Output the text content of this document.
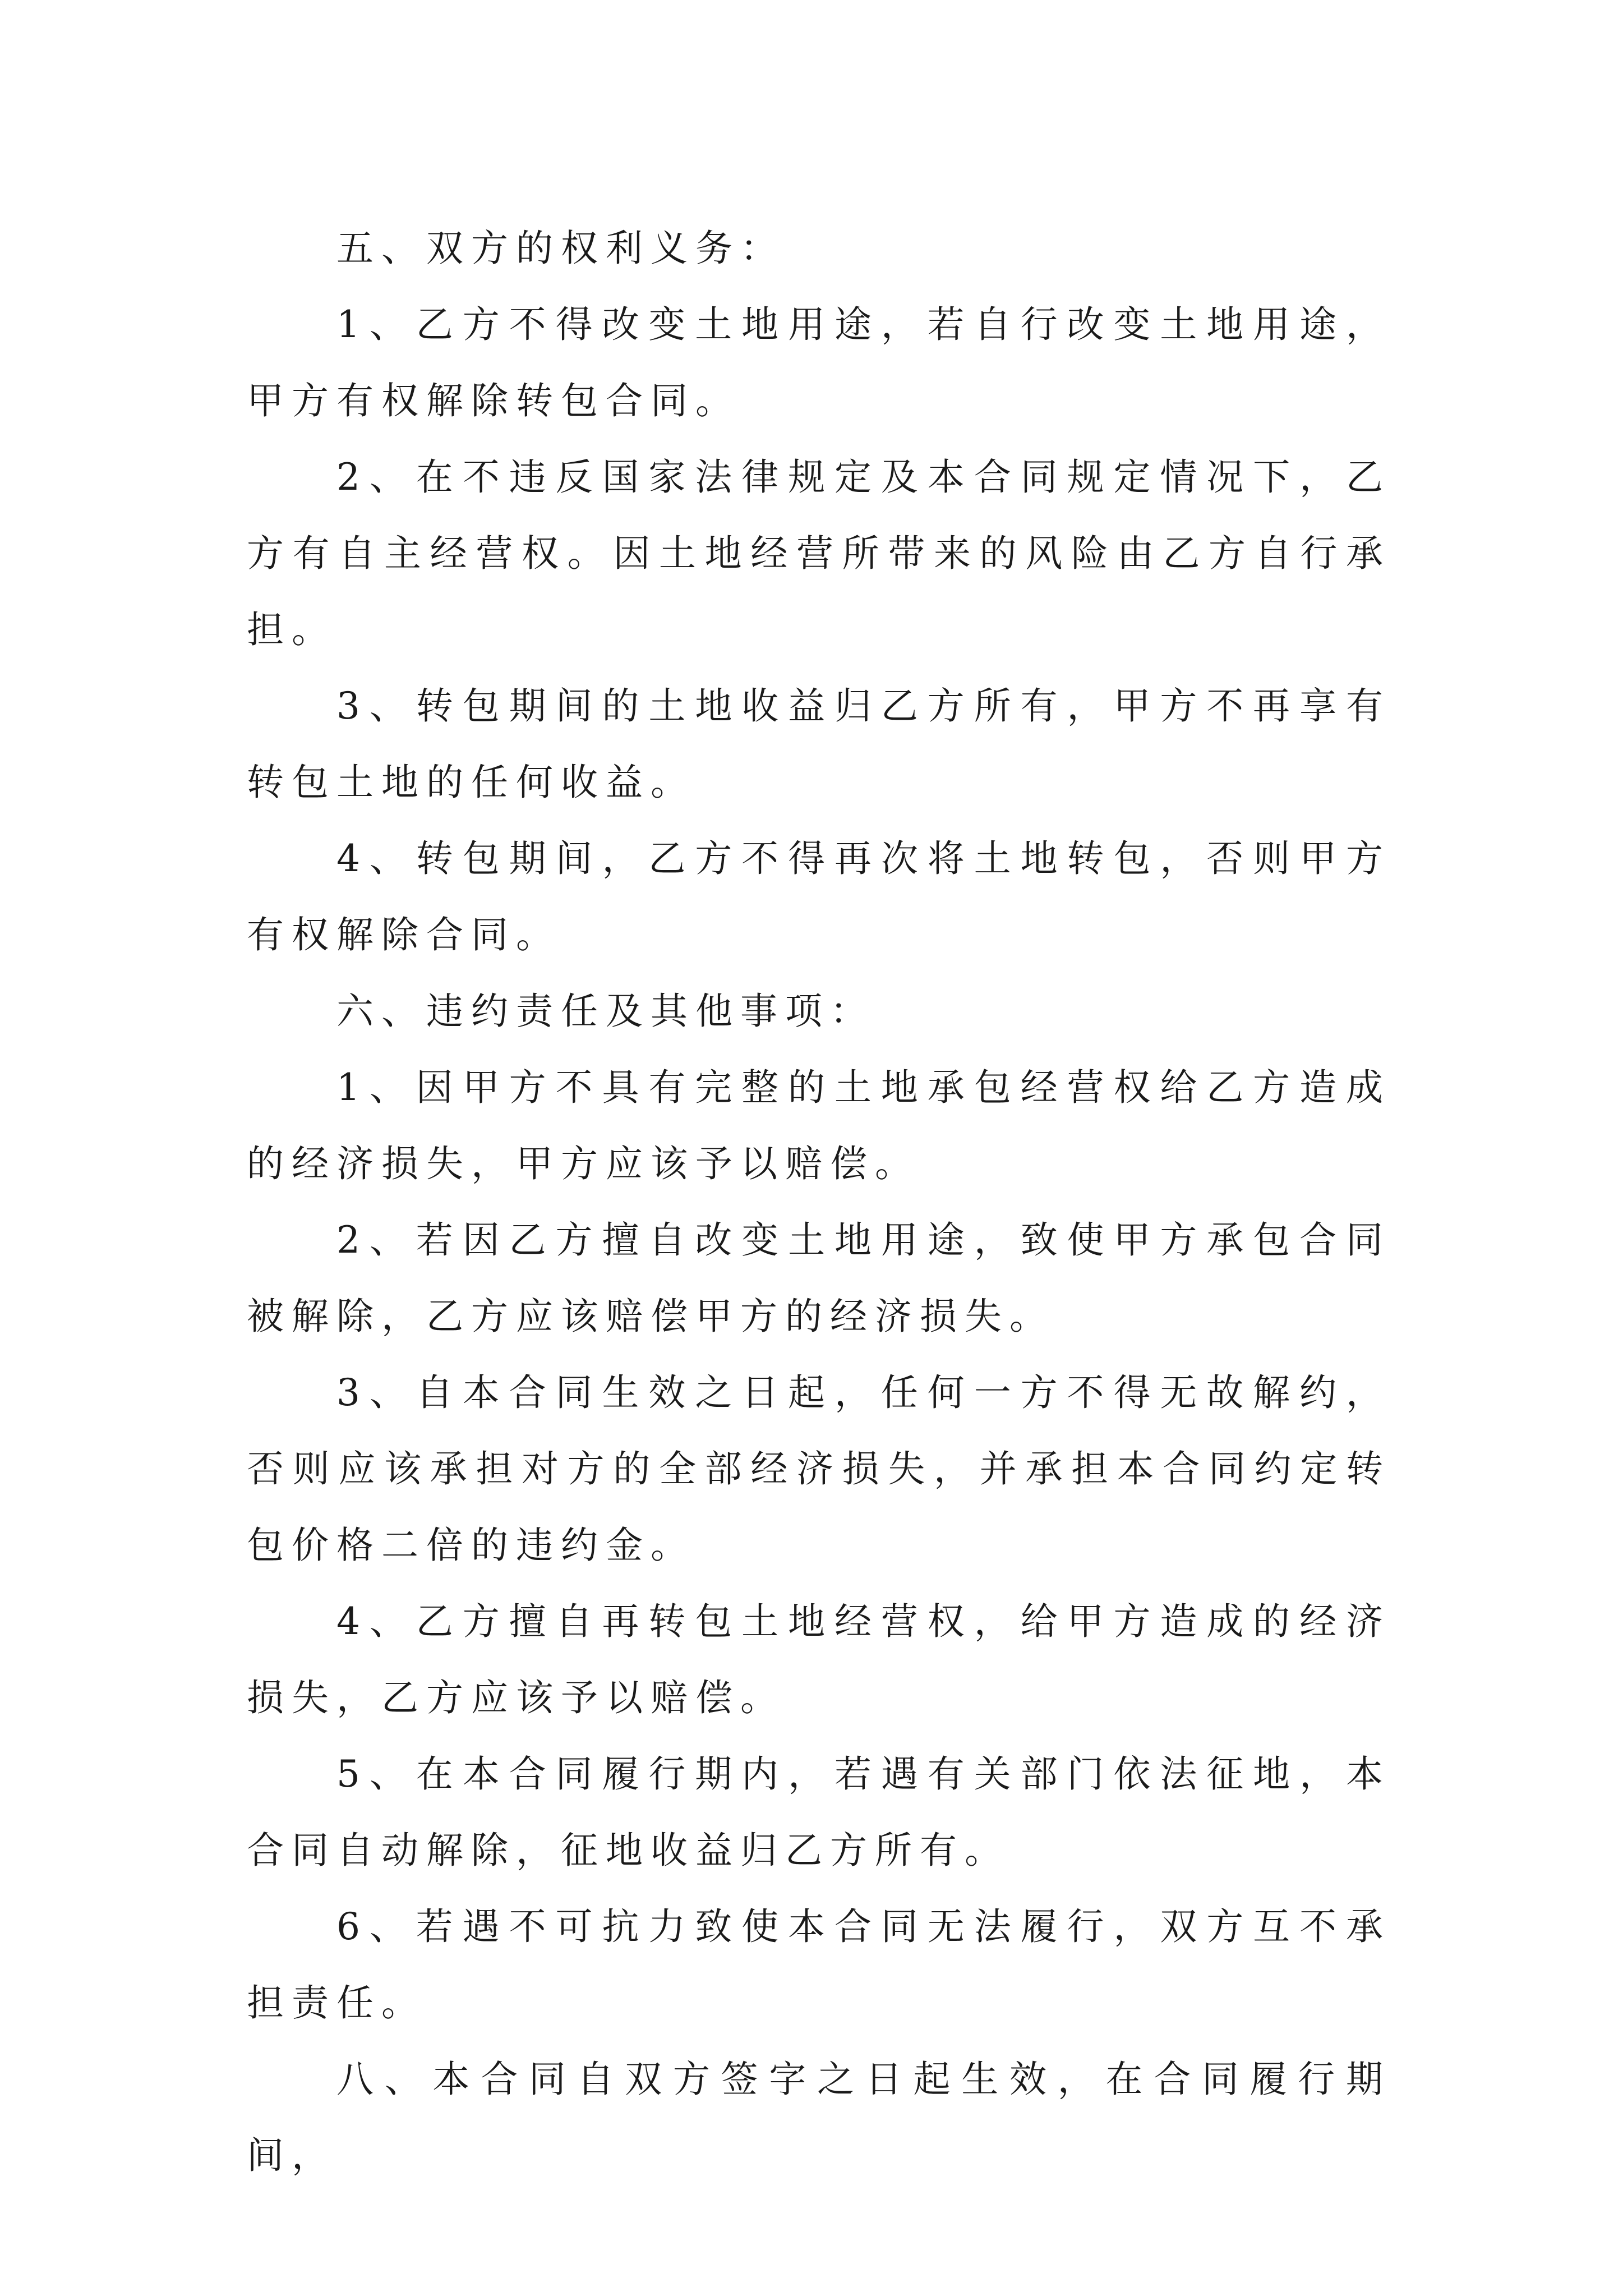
五、双方的权利义务：

1、乙方不得改变土地用途，若自行改变土地用途，甲方有权解除转包合同。

2、在不违反国家法律规定及本合同规定情况下，乙方有自主经营权。因土地经营所带来的风险由乙方自行承担。

3、转包期间的土地收益归乙方所有，甲方不再享有转包土地的任何收益。

4、转包期间，乙方不得再次将土地转包，否则甲方有权解除合同。

六、违约责任及其他事项：

1、因甲方不具有完整的土地承包经营权给乙方造成的经济损失，甲方应该予以赔偿。

2、若因乙方擅自改变土地用途，致使甲方承包合同被解除，乙方应该赔偿甲方的经济损失。

3、自本合同生效之日起，任何一方不得无故解约，否则应该承担对方的全部经济损失，并承担本合同约定转包价格二倍的违约金。

4、乙方擅自再转包土地经营权，给甲方造成的经济损失，乙方应该予以赔偿。

5、在本合同履行期内，若遇有关部门依法征地，本合同自动解除，征地收益归乙方所有。

6、若遇不可抗力致使本合同无法履行，双方互不承担责任。

八、本合同自双方签字之日起生效，在合同履行期间，
